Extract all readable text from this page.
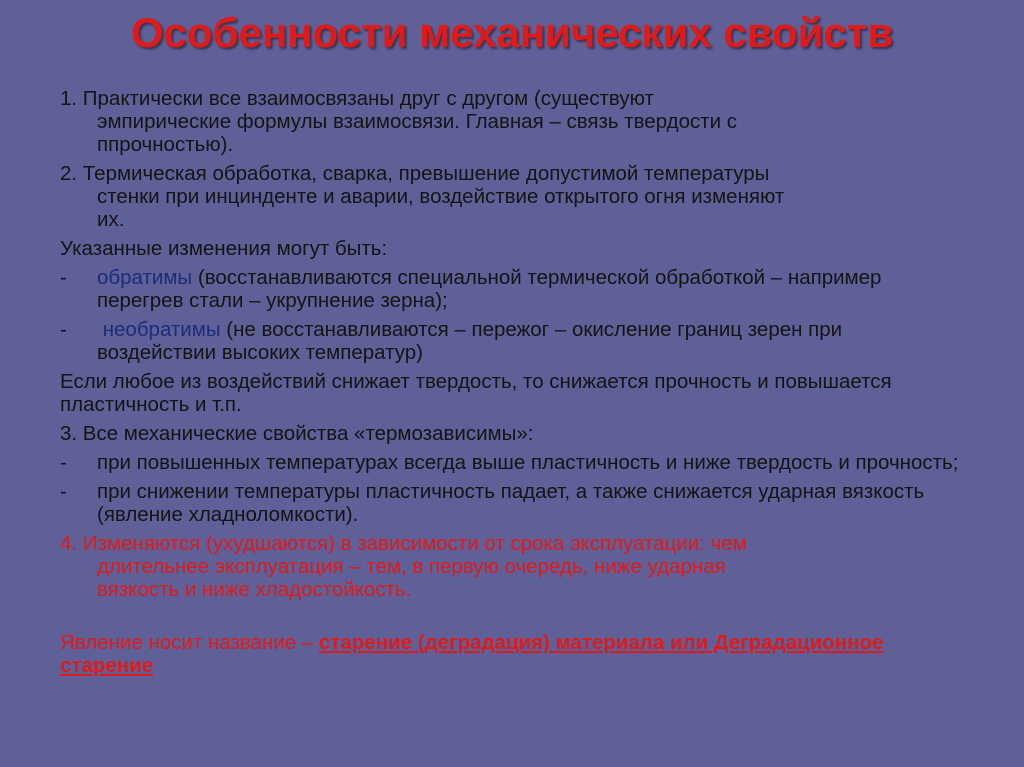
Особенности механических свойств
1. Практически все взаимосвязаны друг с другом (существуют
эмпирические формулы взаимосвязи. Главная – связь твердости с
ппрочностью).
2. Термическая обработка, сварка, превышение допустимой температуры
стенки при инцинденте и аварии, воздействие открытого огня изменяют
их.
Указанные изменения могут быть:
-	обратимы (восстанавливаются специальной термической обработкой – например перегрев стали – укрупнение зерна);
-	необратимы (не восстанавливаются – пережог – окисление границ зерен при воздействии высоких температур)
Если любое из воздействий снижает твердость, то снижается прочность и повышается пластичность и т.п.
3. Все механические свойства «термозависимы»:
-	при повышенных температурах всегда выше пластичность и ниже твердость и прочность;
-	при снижении температуры пластичность падает, а также снижается ударная вязкость (явление хладноломкости).
4. Изменяются (ухудшаются) в зависимости от срока эксплуатации: чем
длительнее эксплуатация – тем, в первую очередь, ниже ударная
вязкость и ниже хладостойкость.
Явление носит название – старение (деградация) материала или Деградационное старение
